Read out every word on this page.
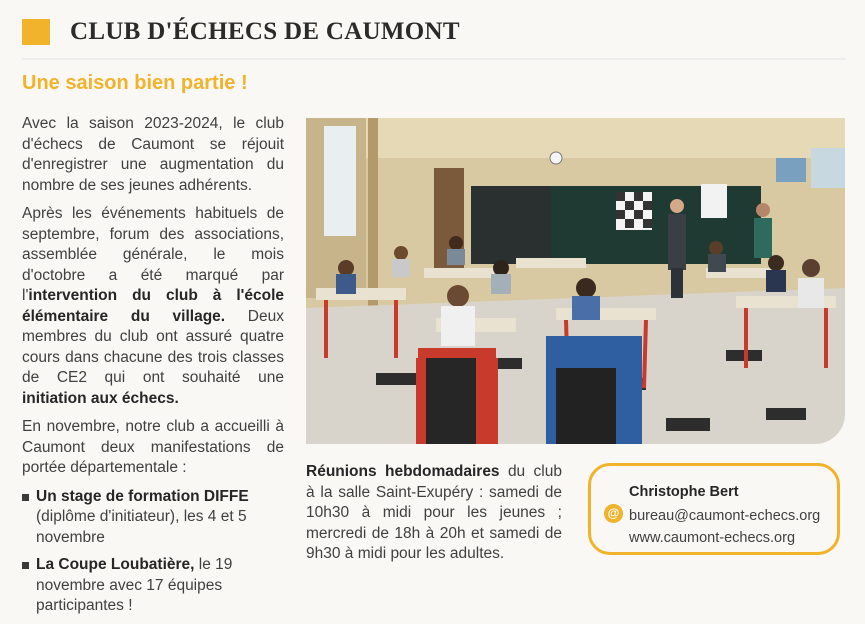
CLUB D'ÉCHECS DE CAUMONT
Une saison bien partie !

Avec la saison 2023-2024, le club d'échecs de Caumont se réjouit d'enregistrer une augmentation du nombre de ses jeunes adhérents.

Après les événements habituels de septembre, forum des associations, assemblée générale, le mois d'octobre a été marqué par l'intervention du club à l'école élémentaire du village. Deux membres du club ont assuré quatre cours dans chacune des trois classes de CE2 qui ont souhaité une initiation aux échecs.

En novembre, notre club a accueilli à Caumont deux manifestations de portée départementale :

Un stage de formation DIFFE (diplôme d'initiateur), les 4 et 5 novembre
La Coupe Loubatière, le 19 novembre avec 17 équipes participantes !
Réunions hebdomadaires du club à la salle Saint-Exupéry : samedi de 10h30 à midi pour les jeunes ; mercredi de 18h à 20h et samedi de 9h30 à midi pour les adultes.
Christophe Bert
@ bureau@caumont-echecs.org
www.caumont-echecs.org
